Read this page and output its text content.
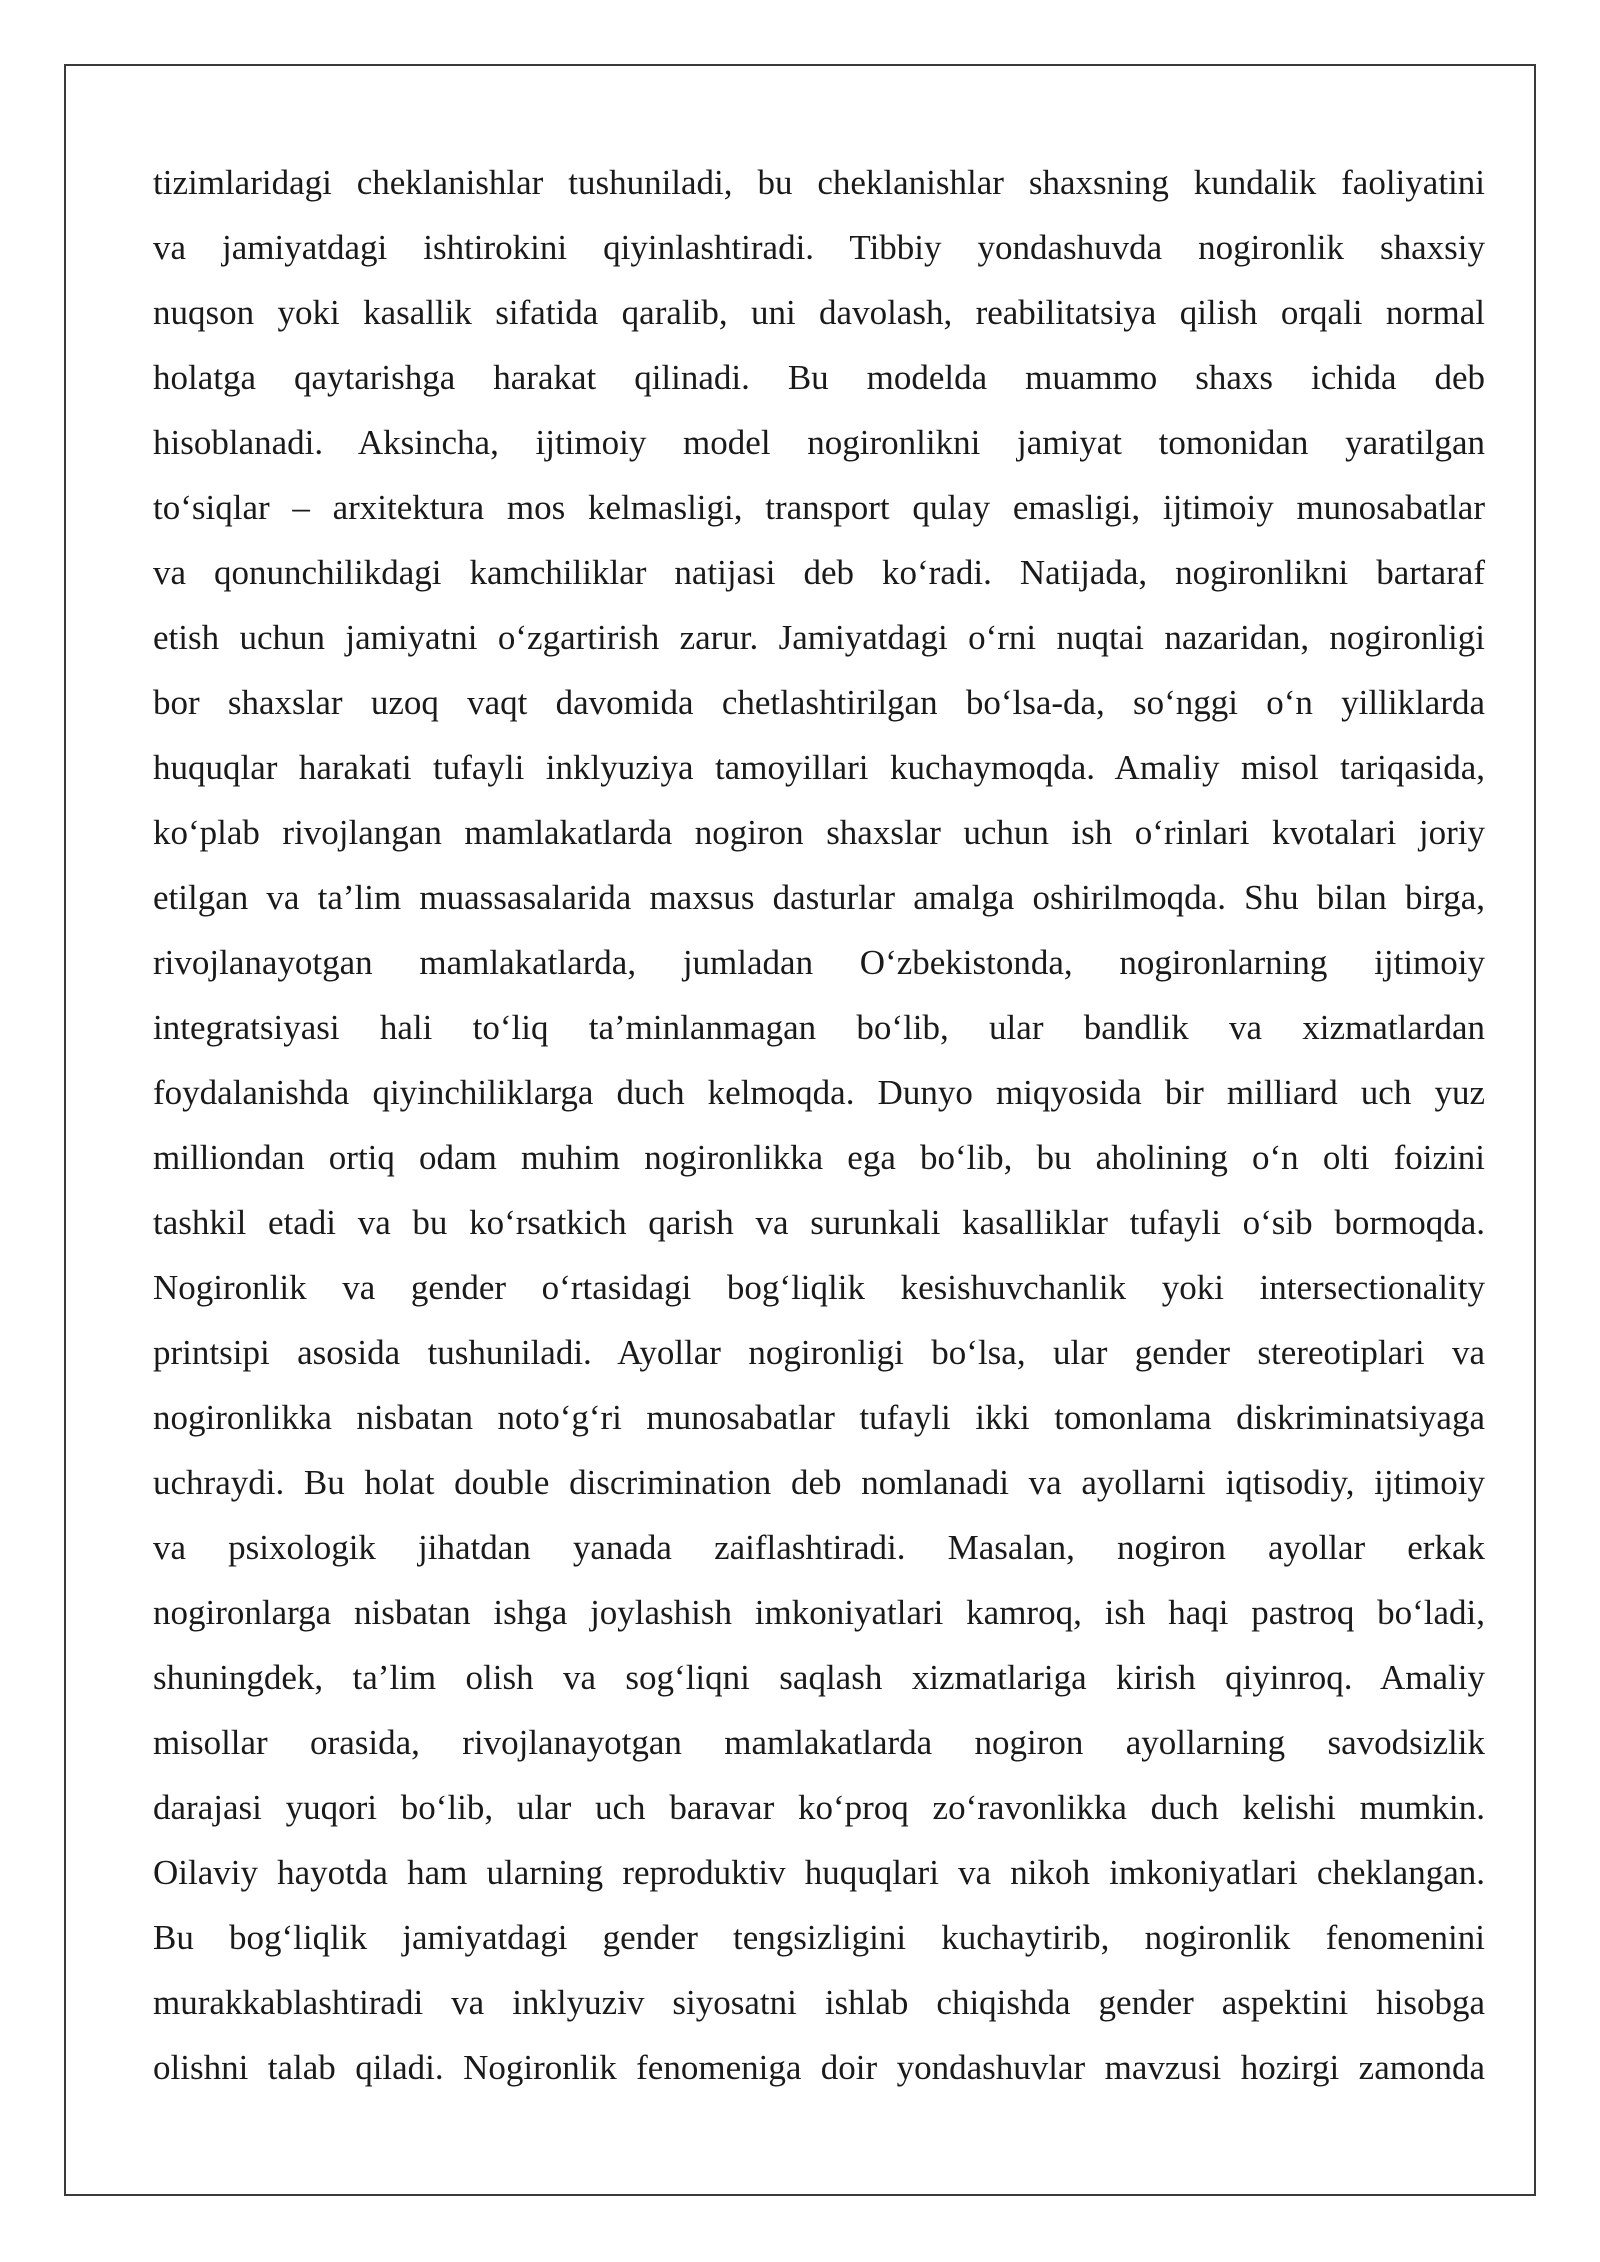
tizimlaridagi cheklanishlar tushuniladi, bu cheklanishlar shaxsning kundalik faoliyatini
va jamiyatdagi ishtirokini qiyinlashtiradi. Tibbiy yondashuvda nogironlik shaxsiy
nuqson yoki kasallik sifatida qaralib, uni davolash, reabilitatsiya qilish orqali normal
holatga qaytarishga harakat qilinadi. Bu modelda muammo shaxs ichida deb
hisoblanadi. Aksincha, ijtimoiy model nogironlikni jamiyat tomonidan yaratilgan
to‘siqlar – arxitektura mos kelmasligi, transport qulay emasligi, ijtimoiy munosabatlar
va qonunchilikdagi kamchiliklar natijasi deb ko‘radi. Natijada, nogironlikni bartaraf
etish uchun jamiyatni o‘zgartirish zarur. Jamiyatdagi o‘rni nuqtai nazaridan, nogironligi
bor shaxslar uzoq vaqt davomida chetlashtirilgan bo‘lsa-da, so‘nggi o‘n yilliklarda
huquqlar harakati tufayli inklyuziya tamoyillari kuchaymoqda. Amaliy misol tariqasida,
ko‘plab rivojlangan mamlakatlarda nogiron shaxslar uchun ish o‘rinlari kvotalari joriy
etilgan va ta’lim muassasalarida maxsus dasturlar amalga oshirilmoqda. Shu bilan birga,
rivojlanayotgan mamlakatlarda, jumladan O‘zbekistonda, nogironlarning ijtimoiy
integratsiyasi hali to‘liq ta’minlanmagan bo‘lib, ular bandlik va xizmatlardan
foydalanishda qiyinchiliklarga duch kelmoqda. Dunyo miqyosida bir milliard uch yuz
milliondan ortiq odam muhim nogironlikka ega bo‘lib, bu aholining o‘n olti foizini
tashkil etadi va bu ko‘rsatkich qarish va surunkali kasalliklar tufayli o‘sib bormoqda.
Nogironlik va gender o‘rtasidagi bog‘liqlik kesishuvchanlik yoki intersectionality
printsipi asosida tushuniladi. Ayollar nogironligi bo‘lsa, ular gender stereotiplari va
nogironlikka nisbatan noto‘g‘ri munosabatlar tufayli ikki tomonlama diskriminatsiyaga
uchraydi. Bu holat double discrimination deb nomlanadi va ayollarni iqtisodiy, ijtimoiy
va psixologik jihatdan yanada zaiflashtiradi. Masalan, nogiron ayollar erkak
nogironlarga nisbatan ishga joylashish imkoniyatlari kamroq, ish haqi pastroq bo‘ladi,
shuningdek, ta’lim olish va sog‘liqni saqlash xizmatlariga kirish qiyinroq. Amaliy
misollar orasida, rivojlanayotgan mamlakatlarda nogiron ayollarning savodsizlik
darajasi yuqori bo‘lib, ular uch baravar ko‘proq zo‘ravonlikka duch kelishi mumkin.
Oilaviy hayotda ham ularning reproduktiv huquqlari va nikoh imkoniyatlari cheklangan.
Bu bog‘liqlik jamiyatdagi gender tengsizligini kuchaytirib, nogironlik fenomenini
murakkablashtiradi va inklyuziv siyosatni ishlab chiqishda gender aspektini hisobga
olishni talab qiladi. Nogironlik fenomeniga doir yondashuvlar mavzusi hozirgi zamonda
